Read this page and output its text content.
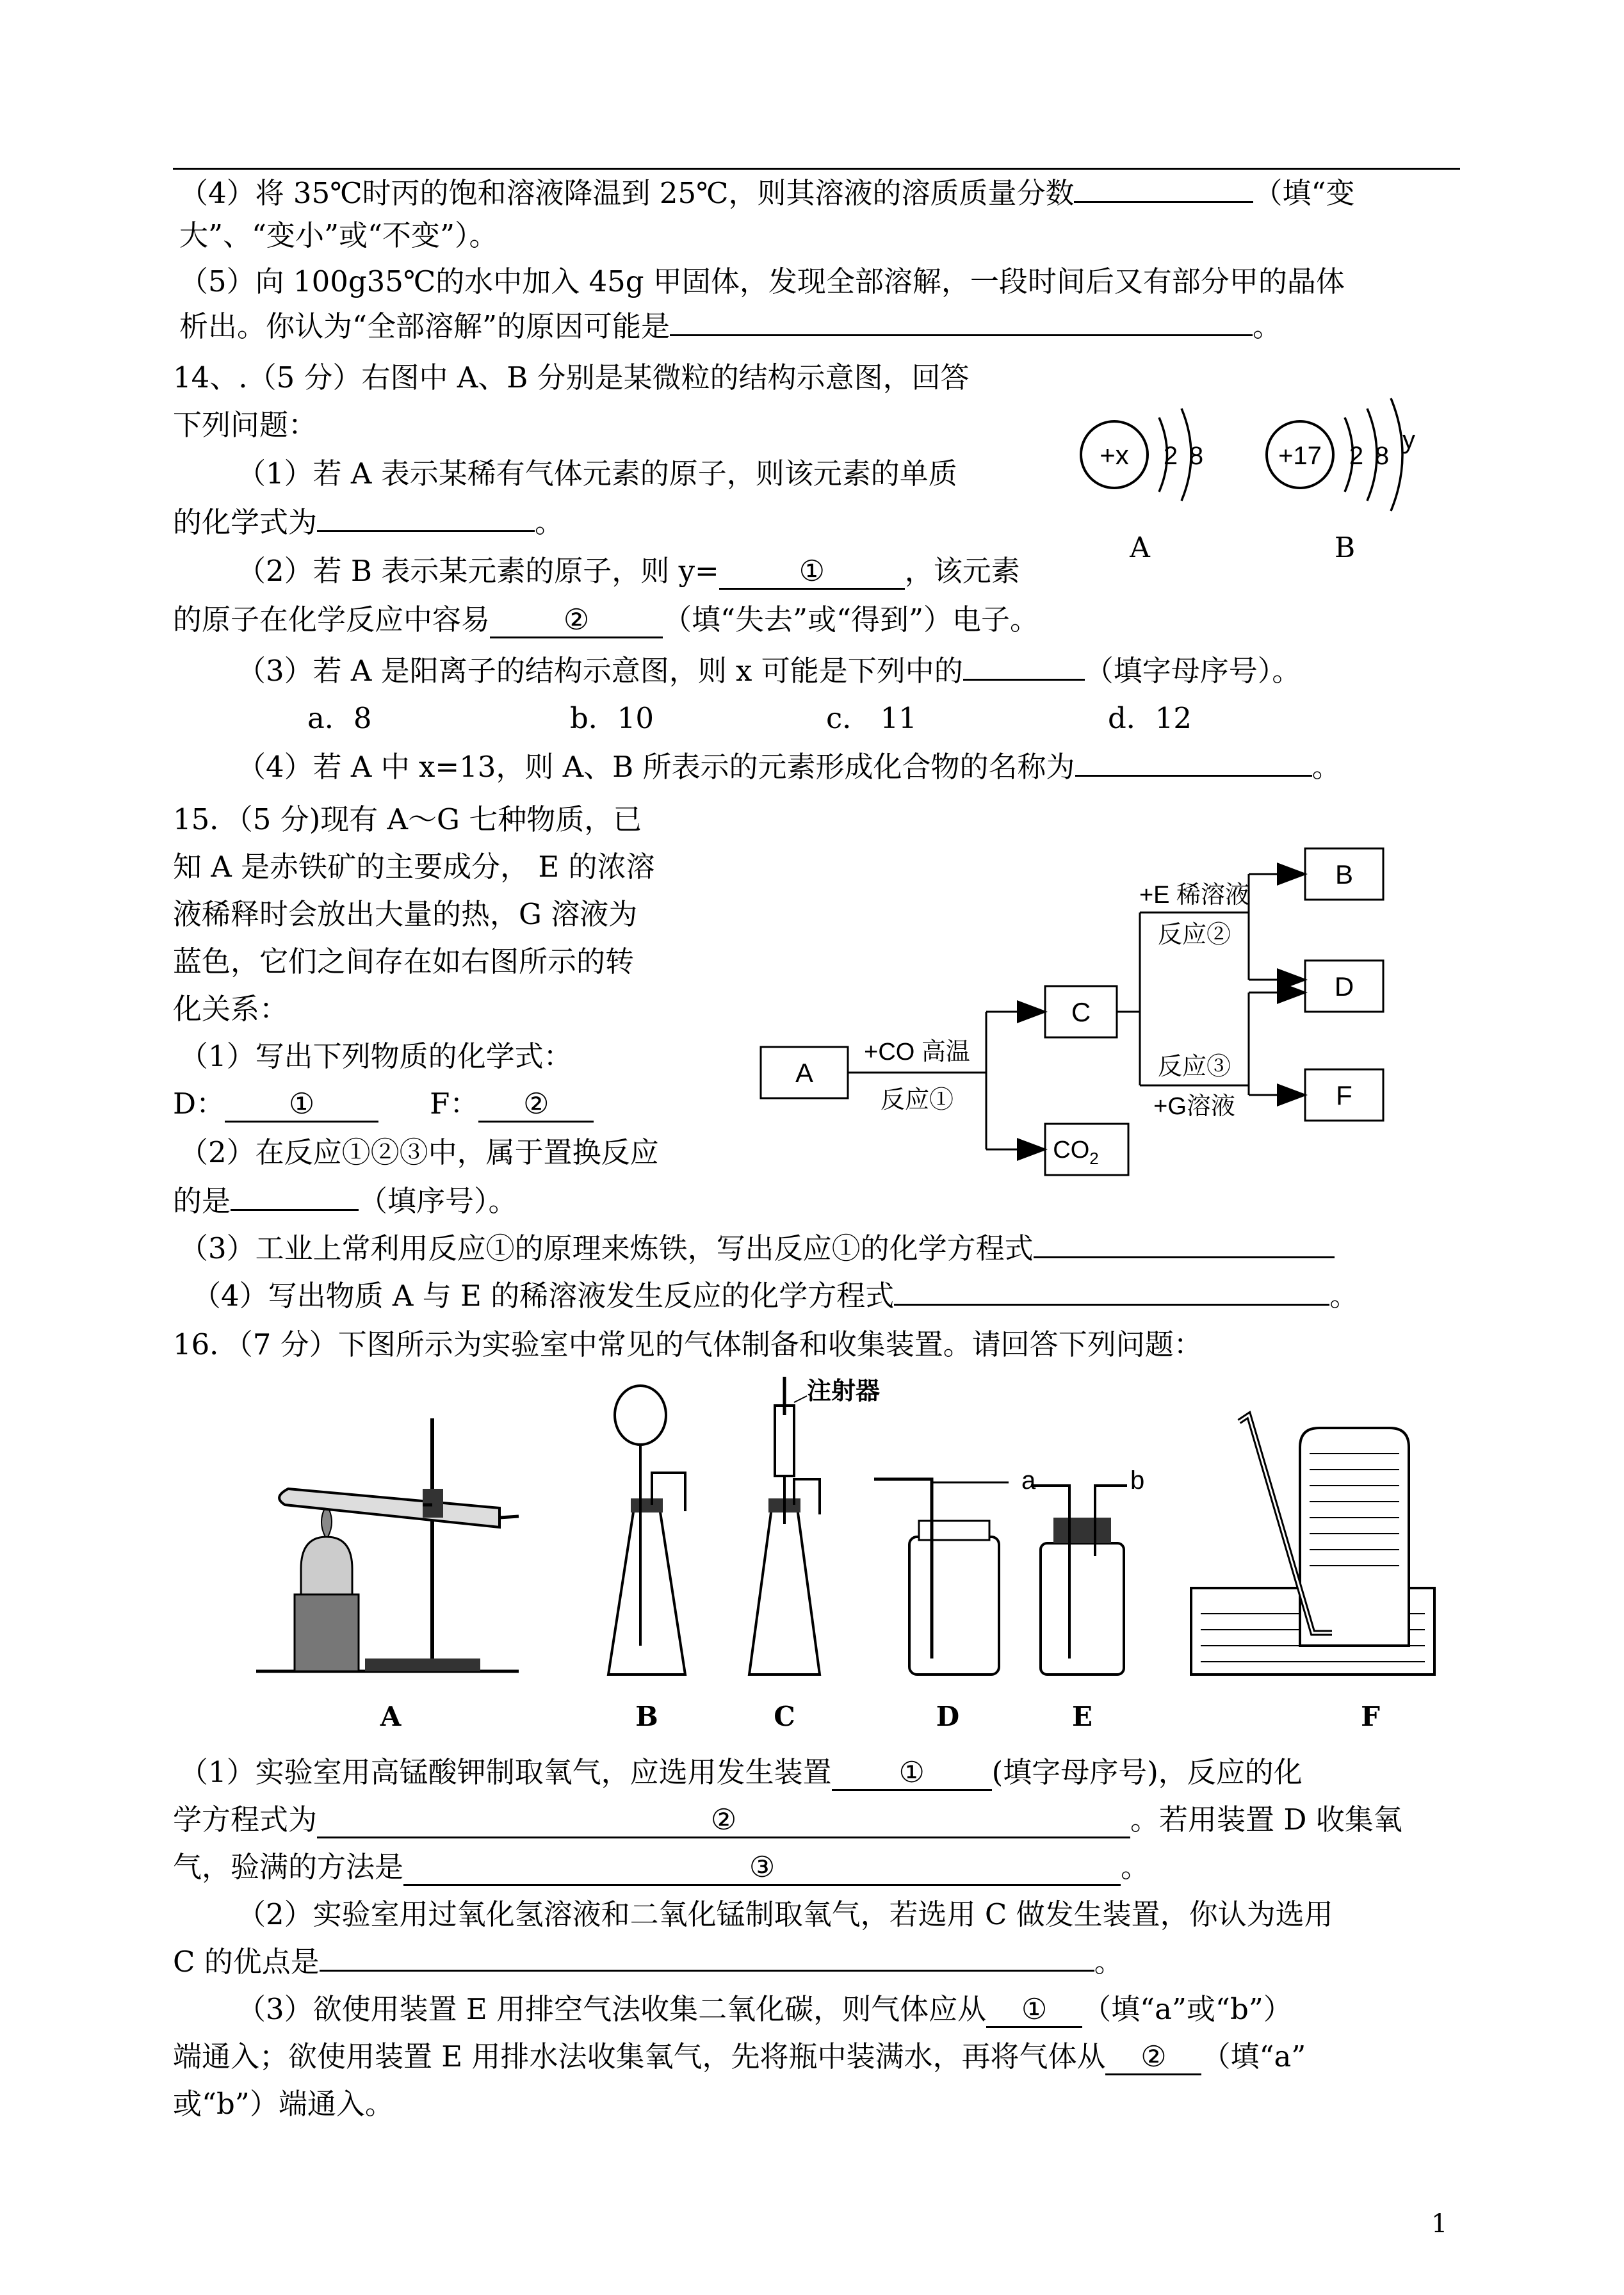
（4）将 35℃时丙的饱和溶液降温到 25℃，则其溶液的溶质质量分数	（填“变
大”、“变小”或“不变”）。
（5）向 100g35℃的水中加入 45g 甲固体，发现全部溶解，一段时间后又有部分甲的晶体
析出。你认为“全部溶解”的原因可能是	。
14、.（5 分）右图中 A、B 分别是某微粒的结构示意图，回答
下列问题：
（1）若 A 表示某稀有气体元素的原子，则该元素的单质
的化学式为	。
（2）若 B 表示某元素的原子，则 y=	①	，该元素
的原子在化学反应中容易	②	（填“失去”或“得到”）电子。
（3）若 A 是阳离子的结构示意图，则 x 可能是下列中的	（填字母序号）。
a．8	b．10	c． 11	d．12
（4）若 A 中 x=13，则 A、B 所表示的元素形成化合物的名称为	。
+x 2 8
A
+17 2 8
y
B
15．（5 分)现有 A～G 七种物质，已
知 A 是赤铁矿的主要成分， E 的浓溶
液稀释时会放出大量的热，G 溶液为
蓝色，它们之间存在如右图所示的转
化关系：
（1）写出下列物质的化学式：
D： ①	F： ②
（2）在反应①②③中，属于置换反应
的是	（填序号）。
（3）工业上常利用反应①的原理来炼铁，写出反应①的化学方程式
（4）写出物质 A 与 E 的稀溶液发生反应的化学方程式	。
A
C
$CO_2$
B
D
F
+CO 高温
反应①
+E 稀溶液
反应②
反应③
+G溶液
16．（7 分）下图所示为实验室中常见的气体制备和收集装置。请回答下列问题：
注射器
a	b
A	B	C	D	E	F
（1）实验室用高锰酸钾制取氧气，应选用发生装置 ① (填字母序号)，反应的化
学方程式为	②	。若用装置 D 收集氧
气，验满的方法是	③	。
（2）实验室用过氧化氢溶液和二氧化锰制取氧气，若选用 C 做发生装置，你认为选用
C 的优点是	。
（3）欲使用装置 E 用排空气法收集二氧化碳，则气体应从 ① （填“a”或“b”）
端通入；欲使用装置 E 用排水法收集氧气，先将瓶中装满水，再将气体从 ② （填“a”
或“b”）端通入。
1
